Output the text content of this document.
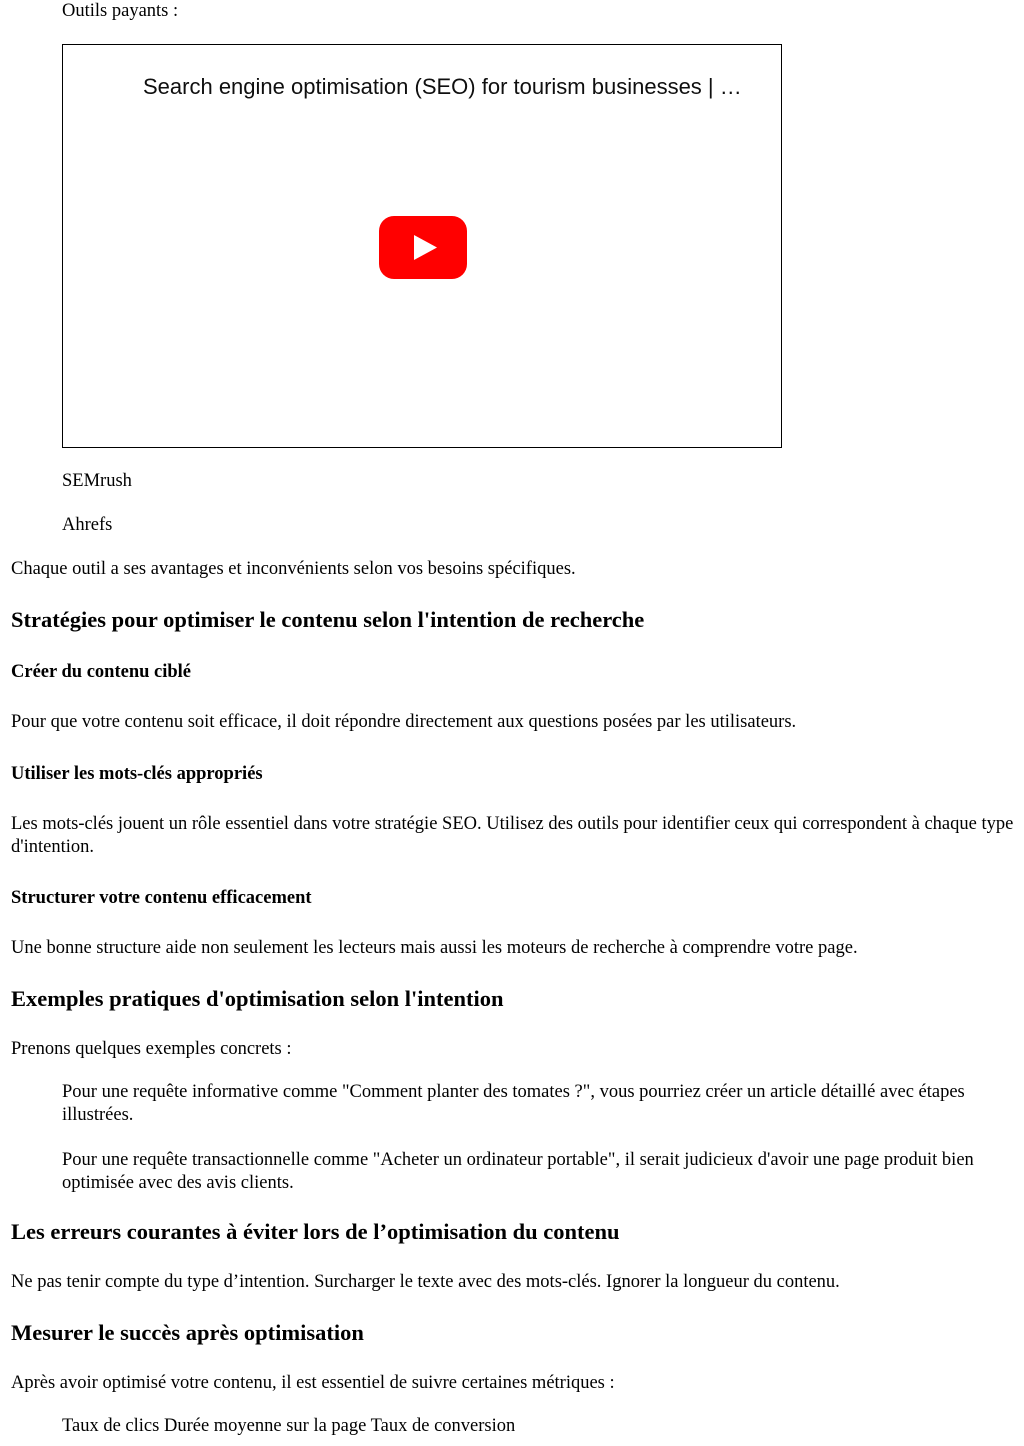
Outils payants :

Search engine optimisation (SEO) for tourism businesses | …

SEMrush

Ahrefs

Chaque outil a ses avantages et inconvénients selon vos besoins spécifiques.

Stratégies pour optimiser le contenu selon l'intention de recherche
Créer du contenu ciblé

Pour que votre contenu soit efficace, il doit répondre directement aux questions posées par les utilisateurs.

Utiliser les mots-clés appropriés

Les mots-clés jouent un rôle essentiel dans votre stratégie SEO. Utilisez des outils pour identifier ceux qui correspondent à chaque type d'intention.

Structurer votre contenu efficacement

Une bonne structure aide non seulement les lecteurs mais aussi les moteurs de recherche à comprendre votre page.

Exemples pratiques d'optimisation selon l'intention

Prenons quelques exemples concrets :

Pour une requête informative comme "Comment planter des tomates ?", vous pourriez créer un article détaillé avec étapes illustrées.

Pour une requête transactionnelle comme "Acheter un ordinateur portable", il serait judicieux d'avoir une page produit bien optimisée avec des avis clients.

Les erreurs courantes à éviter lors de l’optimisation du contenu

Ne pas tenir compte du type d’intention. Surcharger le texte avec des mots-clés. Ignorer la longueur du contenu.

Mesurer le succès après optimisation

Après avoir optimisé votre contenu, il est essentiel de suivre certaines métriques :

Taux de clics Durée moyenne sur la page Taux de conversion
